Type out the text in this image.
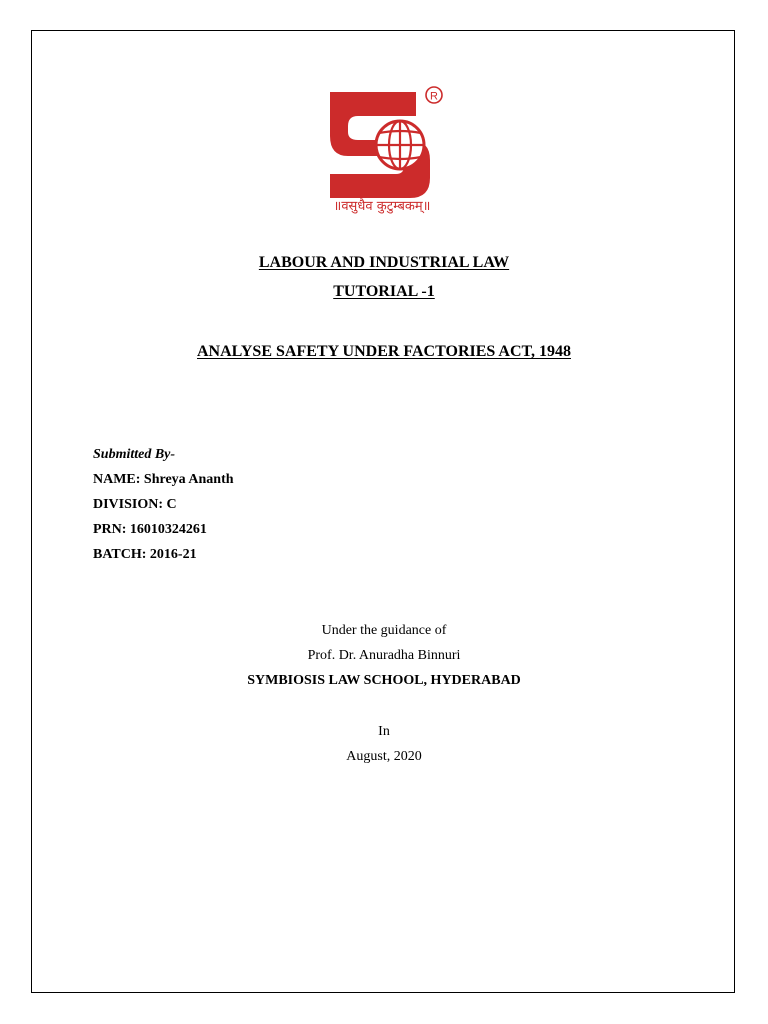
R
॥वसुधैव कुटुम्बकम्॥
LABOUR AND INDUSTRIAL LAW
TUTORIAL -1
ANALYSE SAFETY UNDER FACTORIES ACT, 1948
Submitted By-
NAME: Shreya Ananth
DIVISION: C
PRN: 16010324261
BATCH: 2016-21
Under the guidance of
Prof. Dr. Anuradha Binnuri
SYMBIOSIS LAW SCHOOL, HYDERABAD
In
August, 2020
